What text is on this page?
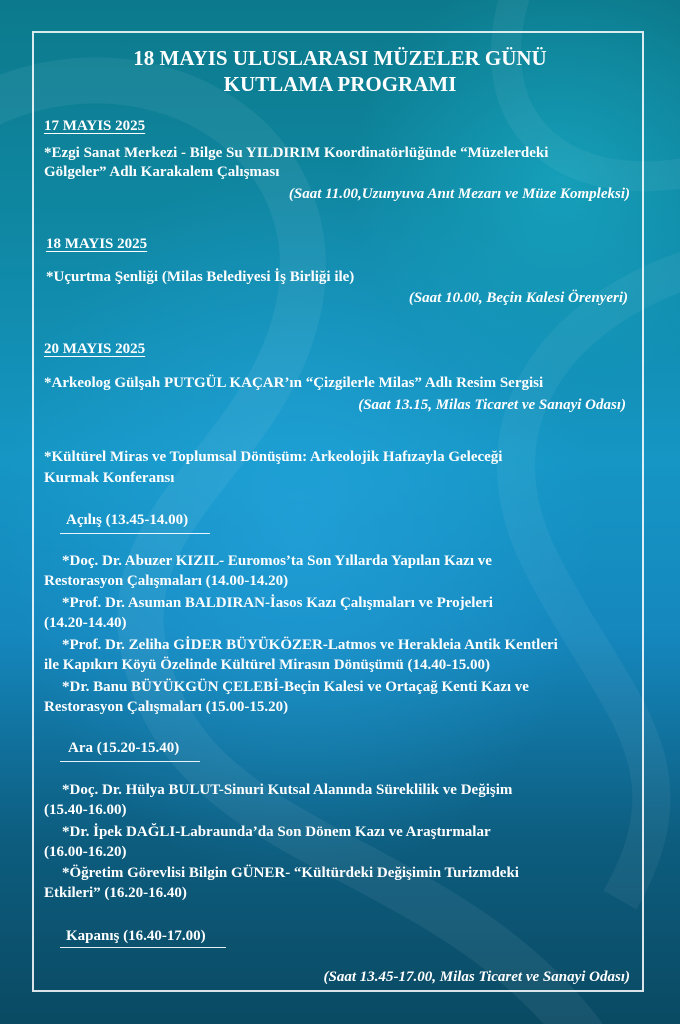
18 MAYIS ULUSLARASI MÜZELER GÜNÜ
KUTLAMA PROGRAMI
17 MAYIS 2025
*Ezgi Sanat Merkezi - Bilge Su YILDIRIM Koordinatörlüğünde “Müzelerdeki
Gölgeler” Adlı Karakalem Çalışması
(Saat 11.00,Uzunyuva Anıt Mezarı ve Müze Kompleksi)
18 MAYIS 2025
*Uçurtma Şenliği (Milas Belediyesi İş Birliği ile)
(Saat 10.00, Beçin Kalesi Örenyeri)
20 MAYIS 2025
*Arkeolog Gülşah PUTGÜL KAÇAR’ın “Çizgilerle Milas” Adlı Resim Sergisi
(Saat 13.15, Milas Ticaret ve Sanayi Odası)
*Kültürel Miras ve Toplumsal Dönüşüm: Arkeolojik Hafızayla Geleceği
Kurmak Konferansı
Açılış (13.45-14.00)
*Doç. Dr. Abuzer KIZIL- Euromos’ta Son Yıllarda Yapılan Kazı ve
Restorasyon Çalışmaları (14.00-14.20)
*Prof. Dr. Asuman BALDIRAN-İasos Kazı Çalışmaları ve Projeleri
(14.20-14.40)
*Prof. Dr. Zeliha GİDER BÜYÜKÖZER-Latmos ve Herakleia Antik Kentleri
ile Kapıkırı Köyü Özelinde Kültürel Mirasın Dönüşümü (14.40-15.00)
*Dr. Banu BÜYÜKGÜN ÇELEBİ-Beçin Kalesi ve Ortaçağ Kenti Kazı ve
Restorasyon Çalışmaları (15.00-15.20)
Ara (15.20-15.40)
*Doç. Dr. Hülya BULUT-Sinuri Kutsal Alanında Süreklilik ve Değişim
(15.40-16.00)
*Dr. İpek DAĞLI-Labraunda’da Son Dönem Kazı ve Araştırmalar
(16.00-16.20)
*Öğretim Görevlisi Bilgin GÜNER- “Kültürdeki Değişimin Turizmdeki
Etkileri” (16.20-16.40)
Kapanış (16.40-17.00)
(Saat 13.45-17.00, Milas Ticaret ve Sanayi Odası)
